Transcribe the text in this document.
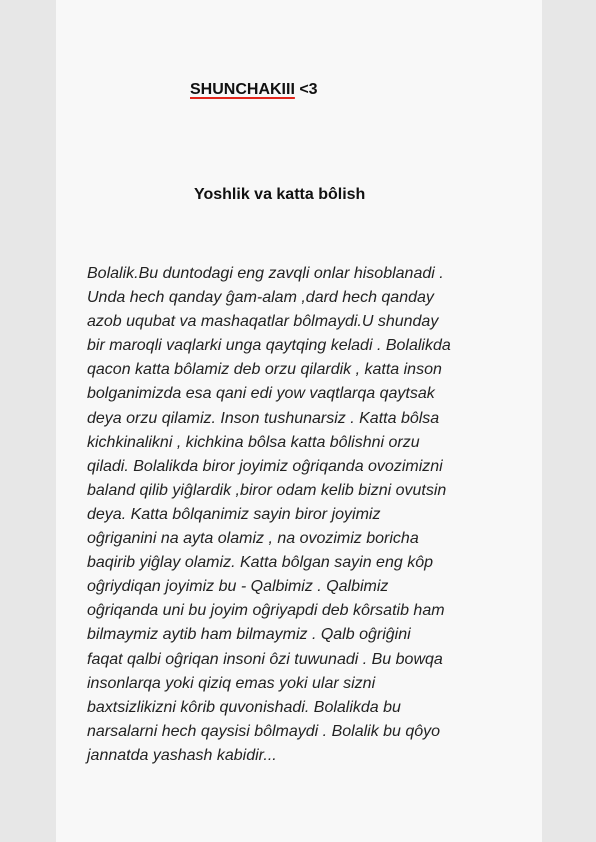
SHUNCHAKIII <3
Yoshlik va katta bôlish

Bolalik.Bu duntodagi eng zavqli onlar hisoblanadi .
Unda hech qanday ĝam-alam ,dard hech qanday
azob uqubat va mashaqatlar bôlmaydi.U shunday
bir maroqli vaqlarki unga qaytqing keladi . Bolalikda
qacon katta bôlamiz deb orzu qilardik , katta inson
bolganimizda esa qani edi yow vaqtlarqa qaytsak
deya orzu qilamiz. Inson tushunarsiz . Katta bôlsa
kichkinalikni , kichkina bôlsa katta bôlishni orzu
qiladi. Bolalikda biror joyimiz oĝriqanda ovozimizni
baland qilib yiĝlardik ,biror odam kelib bizni ovutsin
deya. Katta bôlqanimiz sayin biror joyimiz
oĝriganini na ayta olamiz , na ovozimiz boricha
baqirib yiĝlay olamiz. Katta bôlgan sayin eng kôp
oĝriydiqan joyimiz bu - Qalbimiz . Qalbimiz
oĝriqanda uni bu joyim oĝriyapdi deb kôrsatib ham
bilmaymiz aytib ham bilmaymiz . Qalb oĝriĝini
faqat qalbi oĝriqan insoni ôzi tuwunadi . Bu bowqa
insonlarqa yoki qiziq emas yoki ular sizni
baxtsizlikizni kôrib quvonishadi. Bolalikda bu
narsalarni hech qaysisi bôlmaydi . Bolalik bu qôyo
jannatda yashash kabidir...
